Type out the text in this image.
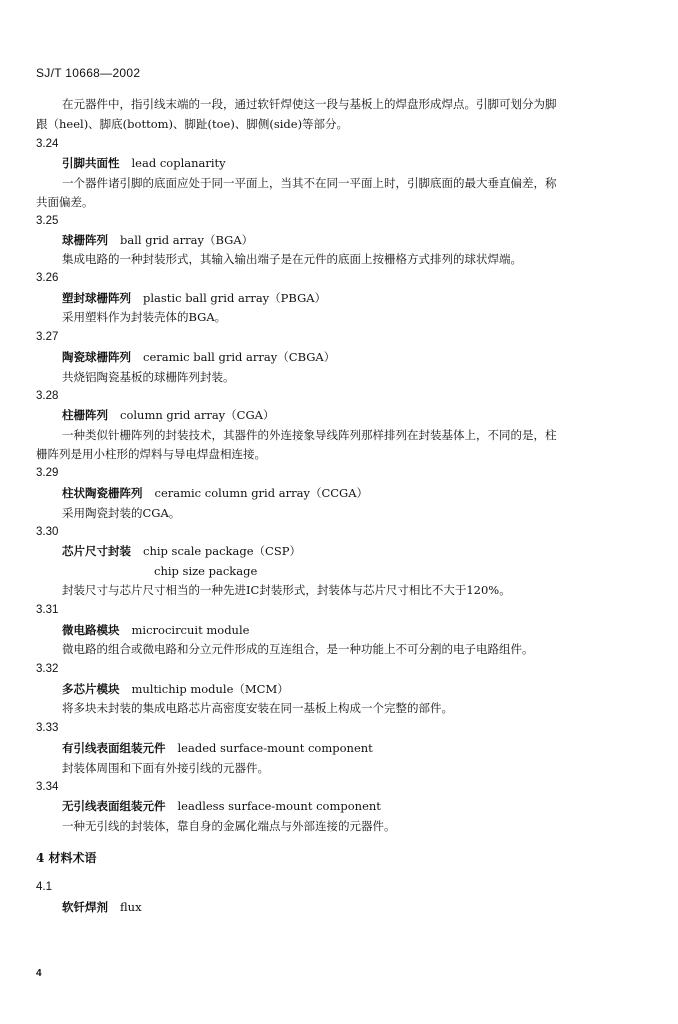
SJ/T 10668—2002
在元器件中，指引线末端的一段，通过软钎焊使这一段与基板上的焊盘形成焊点。引脚可划分为脚
跟（heel)、脚底(bottom)、脚趾(toe)、脚侧(side)等部分。
3.24
引脚共面性 lead coplanarity
一个器件诸引脚的底面应处于同一平面上，当其不在同一平面上时，引脚底面的最大垂直偏差，称
共面偏差。
3.25
球栅阵列 ball grid array（BGA）
集成电路的一种封装形式，其输入输出端子是在元件的底面上按栅格方式排列的球状焊端。
3.26
塑封球栅阵列 plastic ball grid array（PBGA）
采用塑料作为封装壳体的BGA。
3.27
陶瓷球栅阵列 ceramic ball grid array（CBGA）
共烧铝陶瓷基板的球栅阵列封装。
3.28
柱栅阵列 column grid array（CGA）
一种类似针栅阵列的封装技术，其器件的外连接象导线阵列那样排列在封装基体上，不同的是，柱
栅阵列是用小柱形的焊料与导电焊盘相连接。
3.29
柱状陶瓷栅阵列 ceramic column grid array（CCGA）
采用陶瓷封装的CGA。
3.30
芯片尺寸封装 chip scale package（CSP）
chip size package
封装尺寸与芯片尺寸相当的一种先进IC封装形式，封装体与芯片尺寸相比不大于120%。
3.31
微电路模块 microcircuit module
微电路的组合或微电路和分立元件形成的互连组合，是一种功能上不可分割的电子电路组件。
3.32
多芯片模块 multichip module（MCM）
将多块未封装的集成电路芯片高密度安装在同一基板上构成一个完整的部件。
3.33
有引线表面组装元件 leaded surface-mount component
封装体周围和下面有外接引线的元器件。
3.34
无引线表面组装元件 leadless surface-mount component
一种无引线的封装体，靠自身的金属化端点与外部连接的元器件。
4 材料术语
4.1
软钎焊剂 flux
4
